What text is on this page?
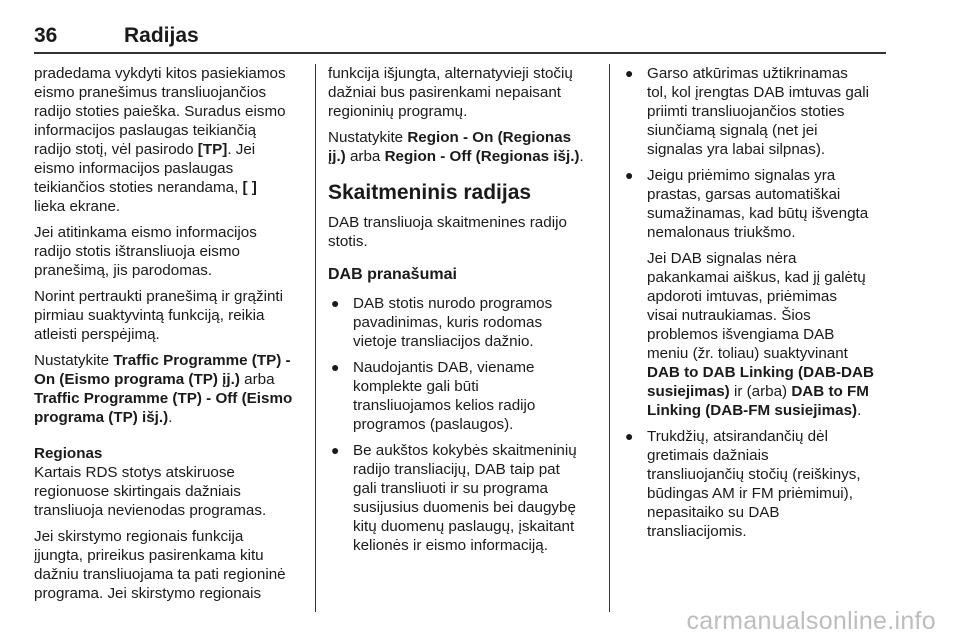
36	Radijas

pradedama vykdyti kitos pasiekiamos
eismo pranešimus transliuojančios
radijo stoties paieška. Suradus eismo
informacijos paslaugas teikiančią
radijo stotį, vėl pasirodo [TP]. Jei
eismo informacijos paslaugas
teikiančios stoties nerandama, [ ]
lieka ekrane.

Jei atitinkama eismo informacijos
radijo stotis ištransliuoja eismo
pranešimą, jis parodomas.

Norint pertraukti pranešimą ir grąžinti
pirmiau suaktyvintą funkciją, reikia
atleisti perspėjimą.

Nustatykite Traffic Programme (TP) -
On (Eismo programa (TP) įj.) arba
Traffic Programme (TP) - Off (Eismo
programa (TP) išj.).

Regionas

Kartais RDS stotys atskiruose
regionuose skirtingais dažniais
transliuoja nevienodas programas.

Jei skirstymo regionais funkcija
įjungta, prireikus pasirenkama kitu
dažniu transliuojama ta pati regioninė
programa. Jei skirstymo regionais

funkcija išjungta, alternatyvieji stočių
dažniai bus pasirenkami nepaisant
regioninių programų.

Nustatykite Region - On (Regionas
įj.) arba Region - Off (Regionas išj.).

Skaitmeninis radijas

DAB transliuoja skaitmenines radijo
stotis.

DAB pranašumai
● DAB stotis nurodo programos
pavadinimas, kuris rodomas
vietoje transliacijos dažnio.
● Naudojantis DAB, viename
komplekte gali būti
transliuojamos kelios radijo
programos (paslaugos).
● Be aukštos kokybės skaitmeninių
radijo transliacijų, DAB taip pat
gali transliuoti ir su programa
susijusius duomenis bei daugybę
kitų duomenų paslaugų, įskaitant
kelionės ir eismo informaciją.
● Garso atkūrimas užtikrinamas
tol, kol įrengtas DAB imtuvas gali
priimti transliuojančios stoties
siunčiamą signalą (net jei
signalas yra labai silpnas).
● Jeigu priėmimo signalas yra
prastas, garsas automatiškai
sumažinamas, kad būtų išvengta
nemalonaus triukšmo.
Jei DAB signalas nėra
pakankamai aiškus, kad jį galėtų
apdoroti imtuvas, priėmimas
visai nutraukiamas. Šios
problemos išvengiama DAB
meniu (žr. toliau) suaktyvinant
DAB to DAB Linking (DAB-DAB
susiejimas) ir (arba) DAB to FM
Linking (DAB-FM susiejimas).
● Trukdžių, atsirandančių dėl
gretimais dažniais
transliuojančių stočių (reiškinys,
būdingas AM ir FM priėmimui),
nepasitaiko su DAB
transliacijomis.
carmanualsonline.info
